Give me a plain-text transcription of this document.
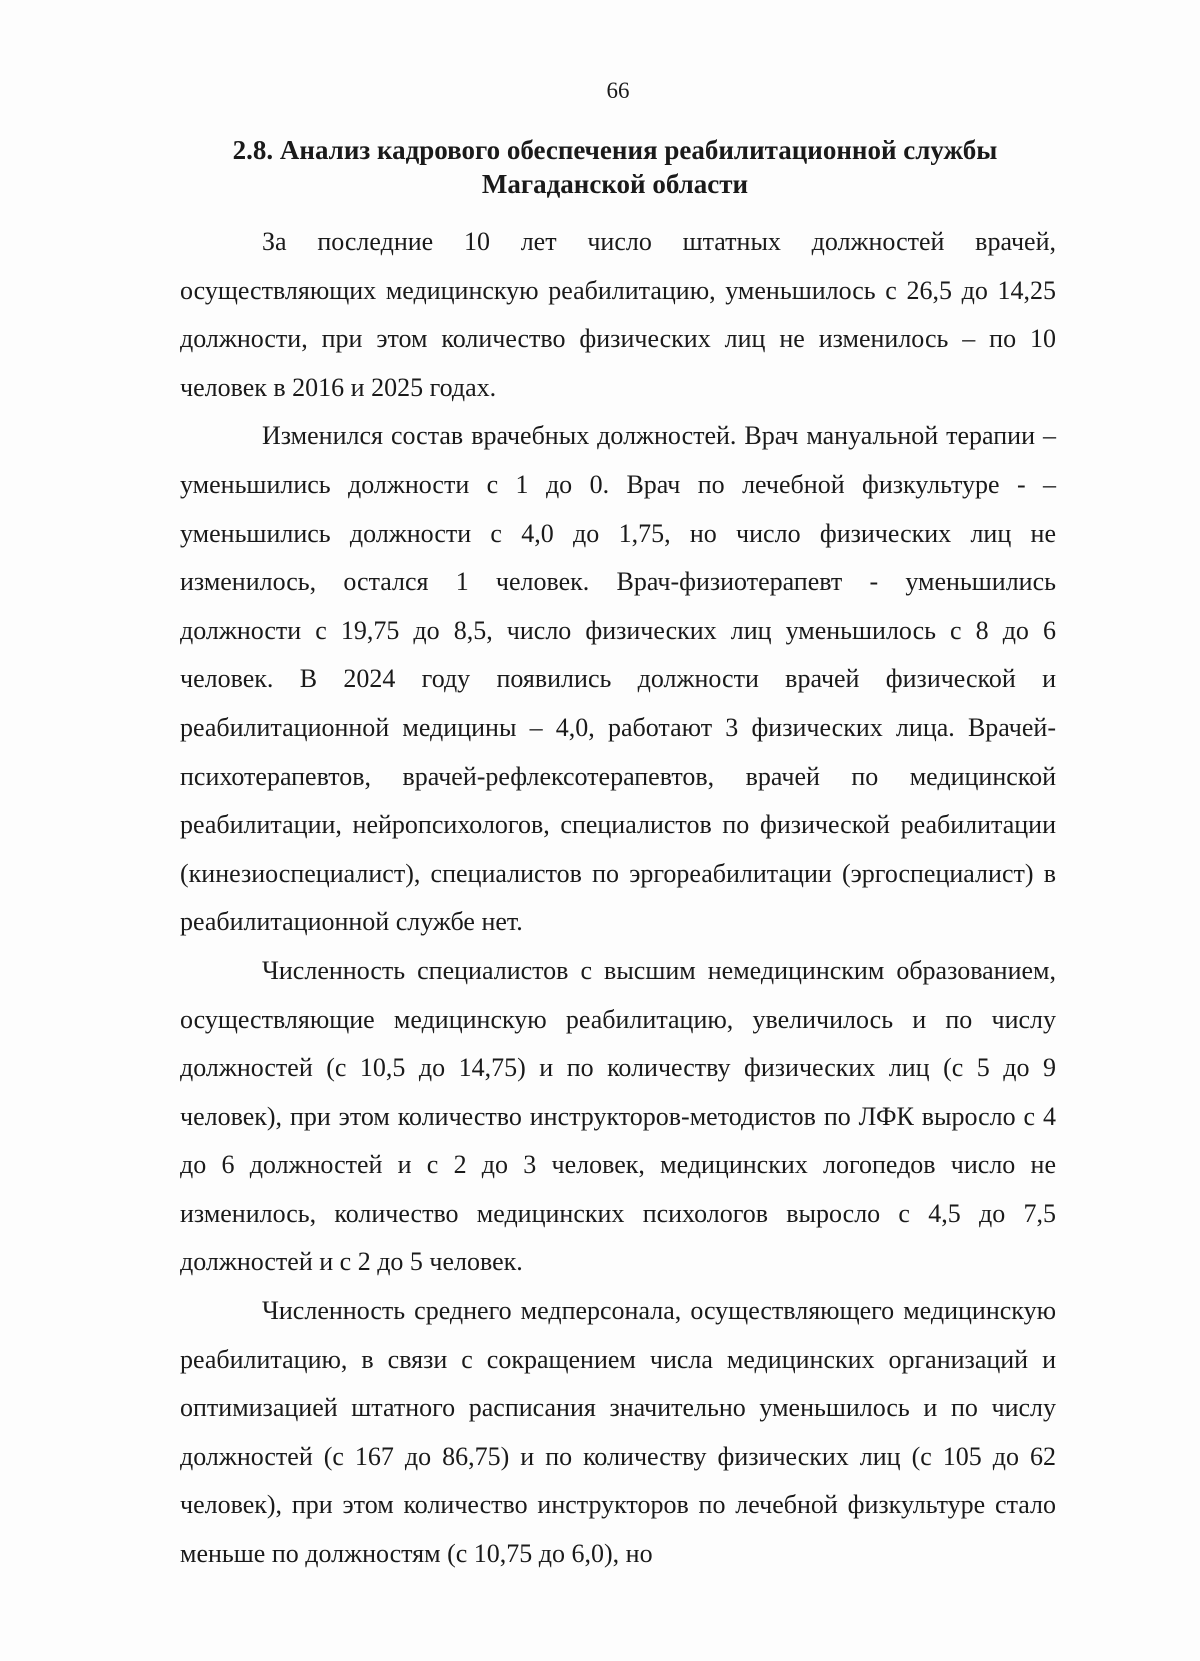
66
2.8. Анализ кадрового обеспечения реабилитационной службы
Магаданской области

За последние 10 лет число штатных должностей врачей, осуществляющих медицинскую реабилитацию, уменьшилось с 26,5 до 14,25 должности, при этом количество физических лиц не изменилось – по 10 человек в 2016 и 2025 годах.

Изменился состав врачебных должностей. Врач мануальной терапии – уменьшились должности с 1 до 0. Врач по лечебной физкультуре - – уменьшились должности с 4,0 до 1,75, но число физических лиц не изменилось, остался 1 человек. Врач-физиотерапевт - уменьшились должности с 19,75 до 8,5, число физических лиц уменьшилось с 8 до 6 человек. В 2024 году появились должности врачей физической и реабилитационной медицины – 4,0, работают 3 физических лица. Врачей-психотерапевтов, врачей-рефлексотерапевтов, врачей по медицинской реабилитации, нейропсихологов, специалистов по физической реабилитации (кинезиоспециалист), специалистов по эргореабилитации (эргоспециалист) в реабилитационной службе нет.

Численность специалистов с высшим немедицинским образованием, осуществляющие медицинскую реабилитацию, увеличилось и по числу должностей (с 10,5 до 14,75) и по количеству физических лиц (с 5 до 9 человек), при этом количество инструкторов-методистов по ЛФК выросло с 4 до 6 должностей и с 2 до 3 человек, медицинских логопедов число не изменилось, количество медицинских психологов выросло с 4,5 до 7,5 должностей и с 2 до 5 человек.

Численность среднего медперсонала, осуществляющего медицинскую реабилитацию, в связи с сокращением числа медицинских организаций и оптимизацией штатного расписания значительно уменьшилось и по числу должностей (с 167 до 86,75) и по количеству физических лиц (с 105 до 62 человек), при этом количество инструкторов по лечебной физкультуре стало меньше по должностям (с 10,75 до 6,0), но
